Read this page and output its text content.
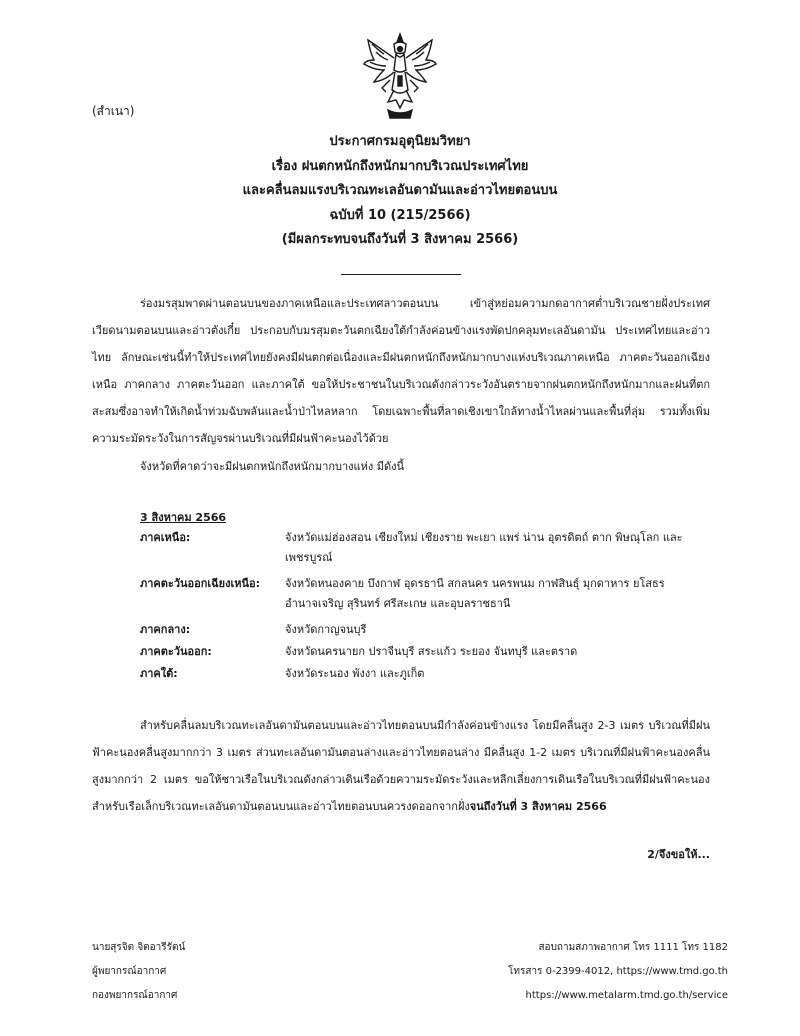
(สำเนา)
ประกาศกรมอุตุนิยมวิทยา
เรื่อง ฝนตกหนักถึงหนักมากบริเวณประเทศไทย
และคลื่นลมแรงบริเวณทะเลอันดามันและอ่าวไทยตอนบน
ฉบับที่ 10 (215/2566)
(มีผลกระทบจนถึงวันที่ 3 สิงหาคม 2566)
ร่องมรสุมพาดผ่านตอนบนของภาคเหนือและประเทศลาวตอนบน เข้าสู่หย่อมความกดอากาศต่ำบริเวณชายฝั่งประเทศเวียดนามตอนบนและอ่าวตังเกี๋ย ประกอบกับมรสุมตะวันตกเฉียงใต้กำลังค่อนข้างแรงพัดปกคลุมทะเลอันดามัน ประเทศไทยและอ่าวไทย ลักษณะเช่นนี้ทำให้ประเทศไทยยังคงมีฝนตกต่อเนื่องและมีฝนตกหนักถึงหนักมากบางแห่งบริเวณภาคเหนือ ภาคตะวันออกเฉียงเหนือ ภาคกลาง ภาคตะวันออก และภาคใต้ ขอให้ประชาชนในบริเวณดังกล่าวระวังอันตรายจากฝนตกหนักถึงหนักมากและฝนที่ตกสะสมซึ่งอาจทำให้เกิดน้ำท่วมฉับพลันและน้ำป่าไหลหลาก โดยเฉพาะพื้นที่ลาดเชิงเขาใกล้ทางน้ำไหลผ่านและพื้นที่ลุ่ม รวมทั้งเพิ่มความระมัดระวังในการสัญจรผ่านบริเวณที่มีฝนฟ้าคะนองไว้ด้วย
จังหวัดที่คาดว่าจะมีฝนตกหนักถึงหนักมากบางแห่ง มีดังนี้
3 สิงหาคม 2566
ภาคเหนือ:	จังหวัดแม่ฮ่องสอน เชียงใหม่ เชียงราย พะเยา แพร่ น่าน อุตรดิตถ์ ตาก พิษณุโลก และเพชรบูรณ์
ภาคตะวันออกเฉียงเหนือ:	จังหวัดหนองคาย บึงกาฬ อุดรธานี สกลนคร นครพนม กาฬสินธุ์ มุกดาหาร ยโสธร อำนาจเจริญ สุรินทร์ ศรีสะเกษ และอุบลราชธานี
ภาคกลาง:	จังหวัดกาญจนบุรี
ภาคตะวันออก:	จังหวัดนครนายก ปราจีนบุรี สระแก้ว ระยอง จันทบุรี และตราด
ภาคใต้:	จังหวัดระนอง พังงา และภูเก็ต
สำหรับคลื่นลมบริเวณทะเลอันดามันตอนบนและอ่าวไทยตอนบนมีกำลังค่อนข้างแรง โดยมีคลื่นสูง 2-3 เมตร บริเวณที่มีฝนฟ้าคะนองคลื่นสูงมากกว่า 3 เมตร ส่วนทะเลอันดามันตอนล่างและอ่าวไทยตอนล่าง มีคลื่นสูง 1-2 เมตร บริเวณที่มีฝนฟ้าคะนองคลื่นสูงมากกว่า 2 เมตร ขอให้ชาวเรือในบริเวณดังกล่าวเดินเรือด้วยความระมัดระวังและหลีกเลี่ยงการเดินเรือในบริเวณที่มีฝนฟ้าคะนอง สำหรับเรือเล็กบริเวณทะเลอันดามันตอนบนและอ่าวไทยตอนบนควรงดออกจากฝั่งจนถึงวันที่ 3 สิงหาคม 2566
2/จึงขอให้...
นายสุรจิต จิตอารีรัตน์
ผู้พยากรณ์อากาศ
กองพยากรณ์อากาศ
สอบถามสภาพอากาศ โทร 1111 โทร 1182
โทรสาร 0-2399-4012, https://www.tmd.go.th
https://www.metalarm.tmd.go.th/service
